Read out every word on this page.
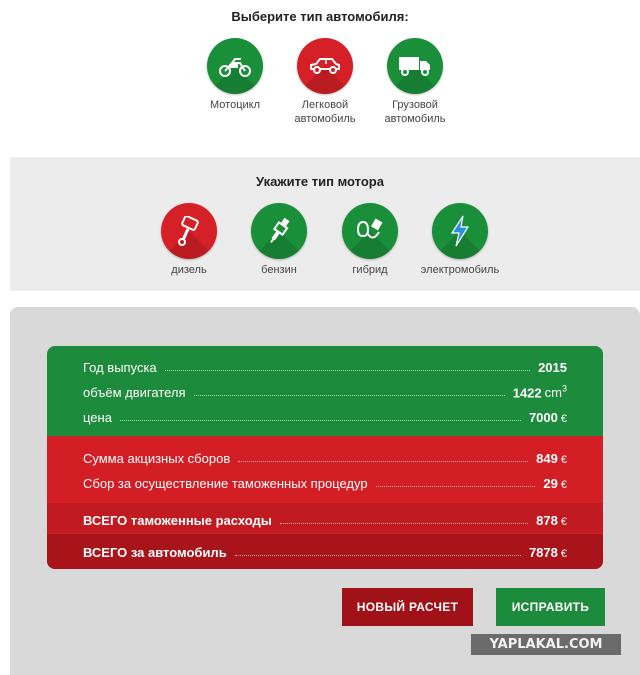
Выберите тип автомобиля:
Мотоцикл	Легковой
автомобиль
Грузовой
автомобиль
Укажите тип мотора
дизель	бензин	гибрид	электромобиль
Год выпуска	2015
объём двигателя	1422 $cm^3$
цена	7000 €
Сумма акцизных сборов	849 €
Сбор за осуществление таможенных процедур	29 €
ВСЕГО таможенные расходы	878 €
ВСЕГО за автомобиль	7878 €
НОВЫЙ РАСЧЕТ	ИСПРАВИТЬ
YAPLAKAL.COM
